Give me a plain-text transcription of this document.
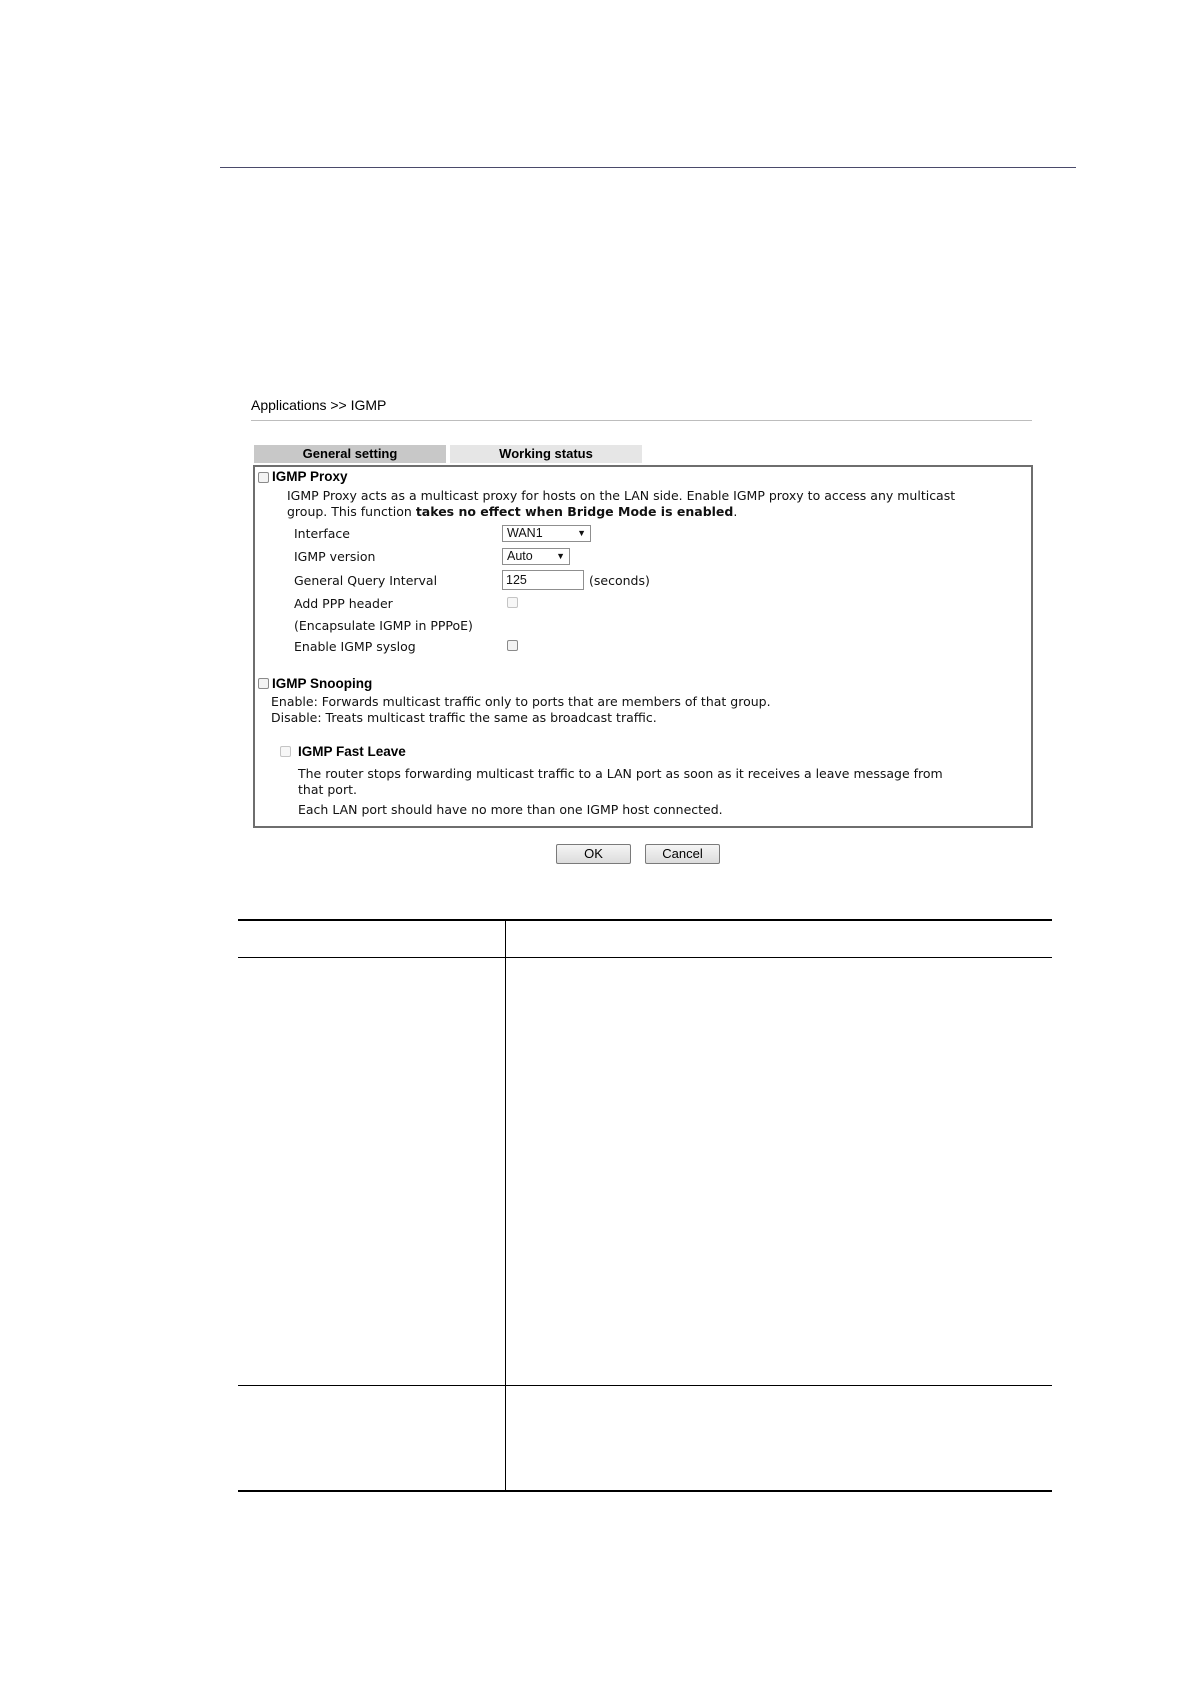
Applications >> IGMP
General setting	Working status
IGMP Proxy
IGMP Proxy acts as a multicast proxy for hosts on the LAN side. Enable IGMP proxy to access any multicast
group. This function takes no effect when Bridge Mode is enabled.
Interface	WAN1	▼
IGMP version	Auto	▼
General Query Interval	125	(seconds)
Add PPP header
(Encapsulate IGMP in PPPoE)
Enable IGMP syslog
IGMP Snooping
Enable: Forwards multicast traffic only to ports that are members of that group.
Disable: Treats multicast traffic the same as broadcast traffic.
IGMP Fast Leave
The router stops forwarding multicast traffic to a LAN port as soon as it receives a leave message from
that port.
Each LAN port should have no more than one IGMP host connected.
OK	Cancel
